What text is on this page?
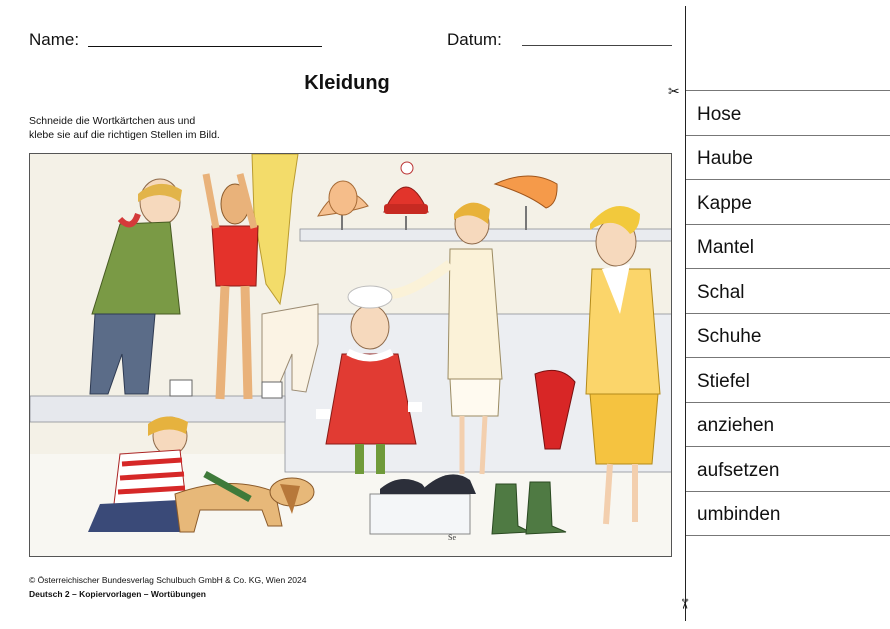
Name:	Datum:
Kleidung
Schneide die Wortkärtchen aus und
klebe sie auf die richtigen Stellen im Bild.
Se
© Österreichischer Bundesverlag Schulbuch GmbH & Co. KG, Wien 2024
Deutsch 2 – Kopiervorlagen – Wortübungen
✂
✂
Hose
Haube
Kappe
Mantel
Schal
Schuhe
Stiefel
anziehen
aufsetzen
umbinden
